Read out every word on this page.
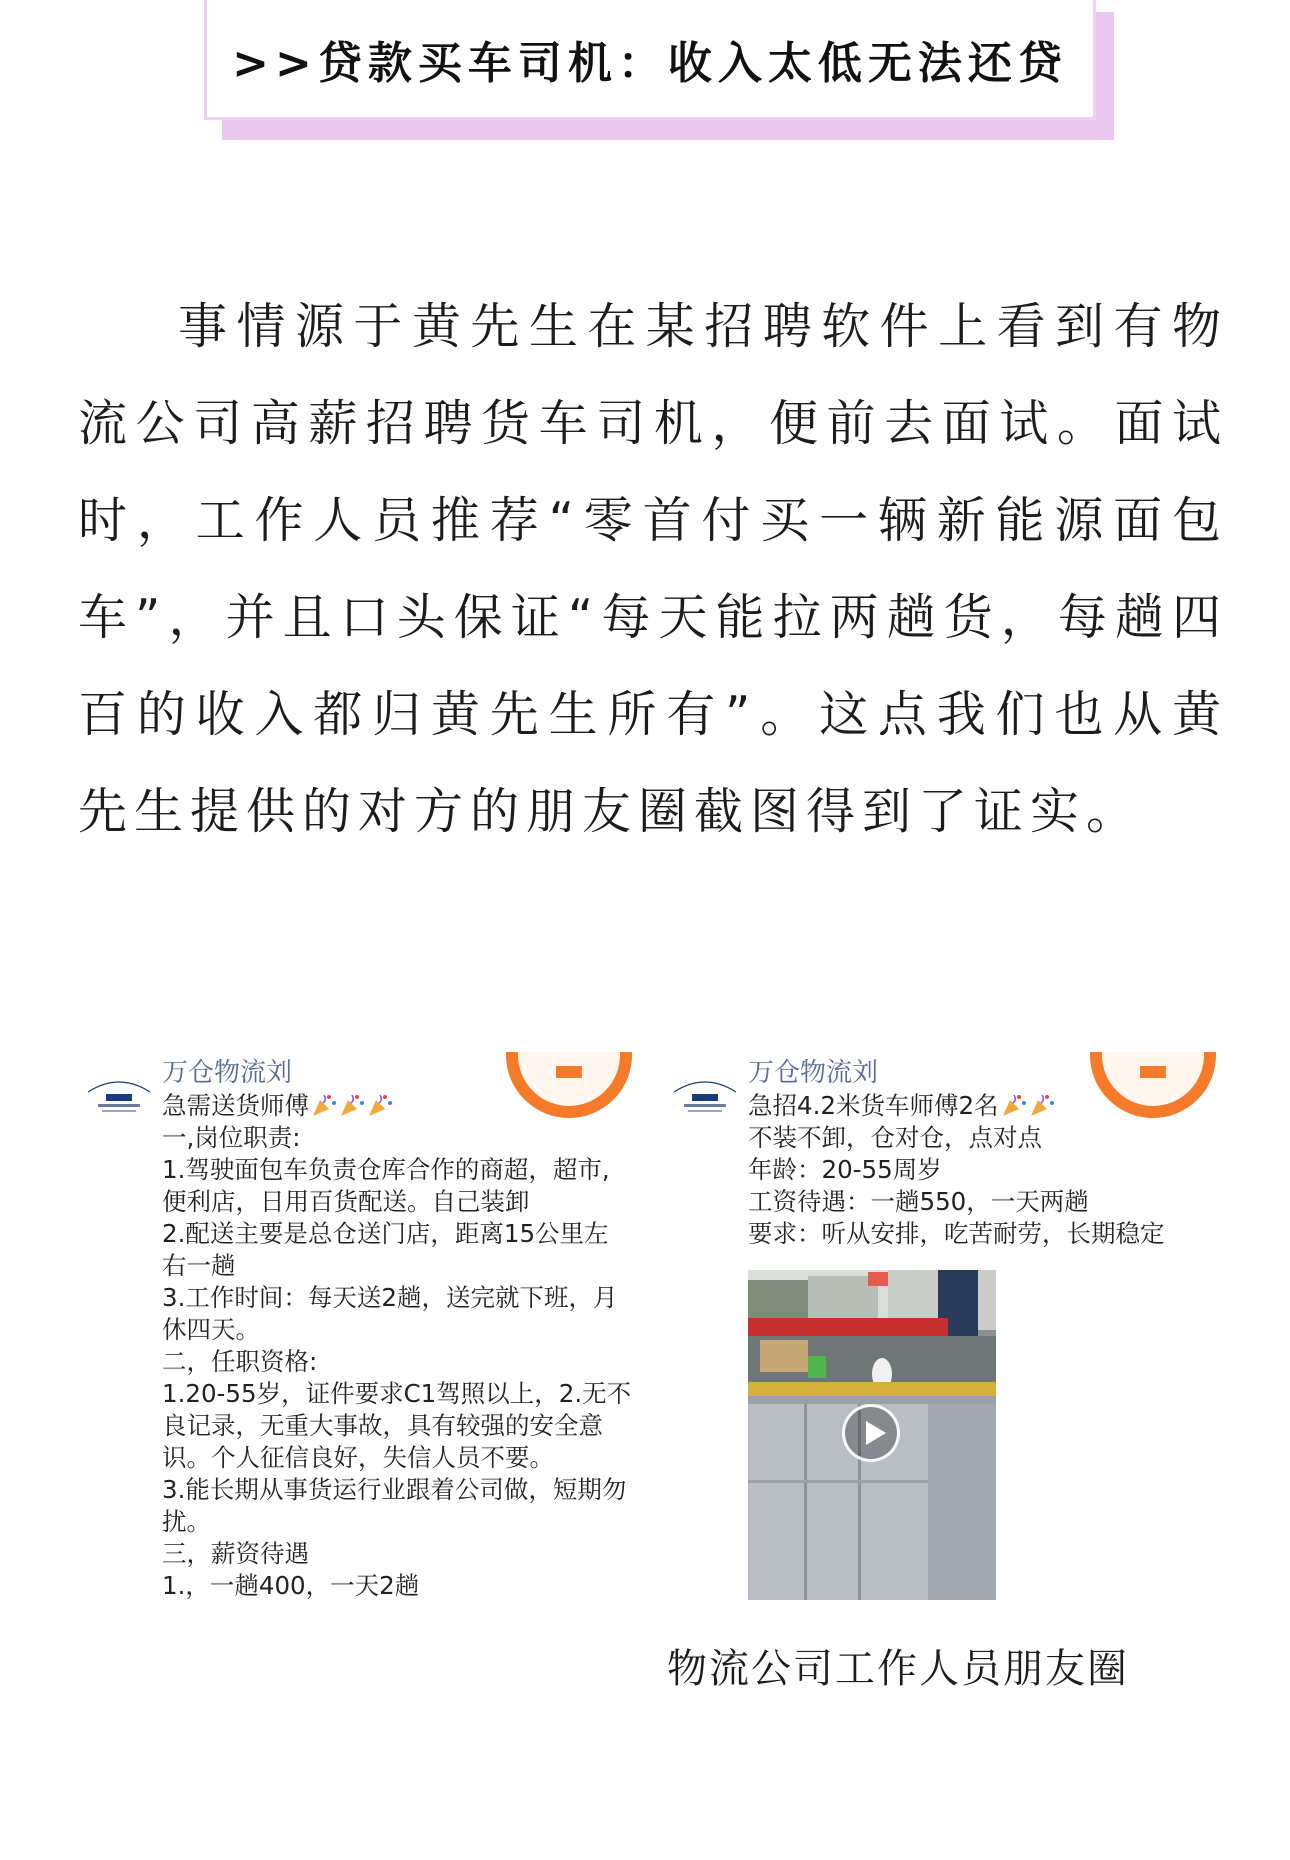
>>贷款买车司机：收入太低无法还贷

事情源于黄先生在某招聘软件上看到有物流公司高薪招聘货车司机，便前去面试。面试时，工作人员推荐“零首付买一辆新能源面包车”，并且口头保证“每天能拉两趟货，每趟四百的收入都归黄先生所有”。这点我们也从黄先生提供的对方的朋友圈截图得到了证实。

万仓物流刘
急需送货师傅
一,岗位职责:
1.驾驶面包车负责仓库合作的商超，超市,
便利店，日用百货配送。自己装卸
2.配送主要是总仓送门店，距离15公里左
右一趟
3.工作时间：每天送2趟，送完就下班，月
休四天。
二，任职资格:
1.20-55岁，证件要求C1驾照以上，2.无不
良记录，无重大事故，具有较强的安全意
识。个人征信良好，失信人员不要。
3.能长期从事货运行业跟着公司做，短期勿
扰。
三，薪资待遇
1.，一趟400，一天2趟
万仓物流刘
急招4.2米货车师傅2名
不装不卸，仓对仓，点对点
年龄：20-55周岁
工资待遇：一趟550，一天两趟
要求：听从安排，吃苦耐劳，长期稳定
物流公司工作人员朋友圈
